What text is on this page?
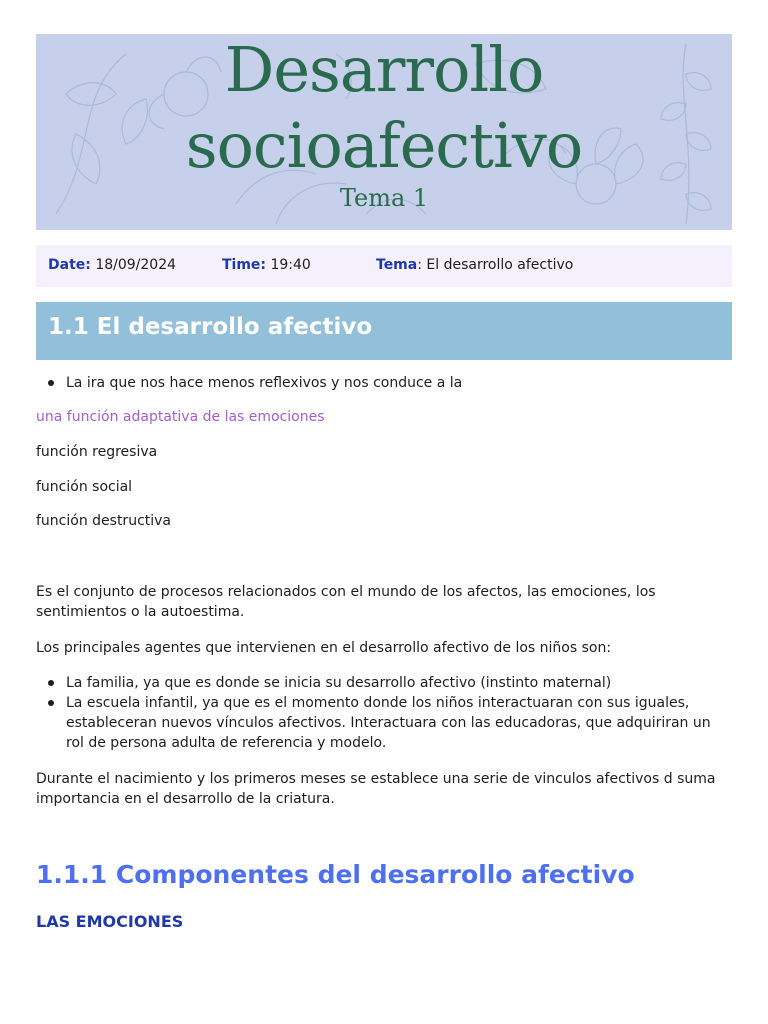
Desarrollo
socioafectivo
Tema 1
Date: 18/09/2024	Time: 19:40	Tema: El desarrollo afectivo
1.1 El desarrollo afectivo
La ira que nos hace menos reflexivos y nos conduce a la
una función adaptativa de las emociones
función regresiva
función social
función destructiva
Es el conjunto de procesos relacionados con el mundo de los afectos, las emociones, los sentimientos o la autoestima.
Los principales agentes que intervienen en el desarrollo afectivo de los niños son:
La familia, ya que es donde se inicia su desarrollo afectivo (instinto maternal)
La escuela infantil, ya que es el momento donde los niños interactuaran con sus iguales, estableceran nuevos vínculos afectivos. Interactuara con las educadoras, que adquiriran un rol de persona adulta de referencia y modelo.
Durante el nacimiento y los primeros meses se establece una serie de vinculos afectivos d suma importancia en el desarrollo de la criatura.
1.1.1 Componentes del desarrollo afectivo
LAS EMOCIONES
